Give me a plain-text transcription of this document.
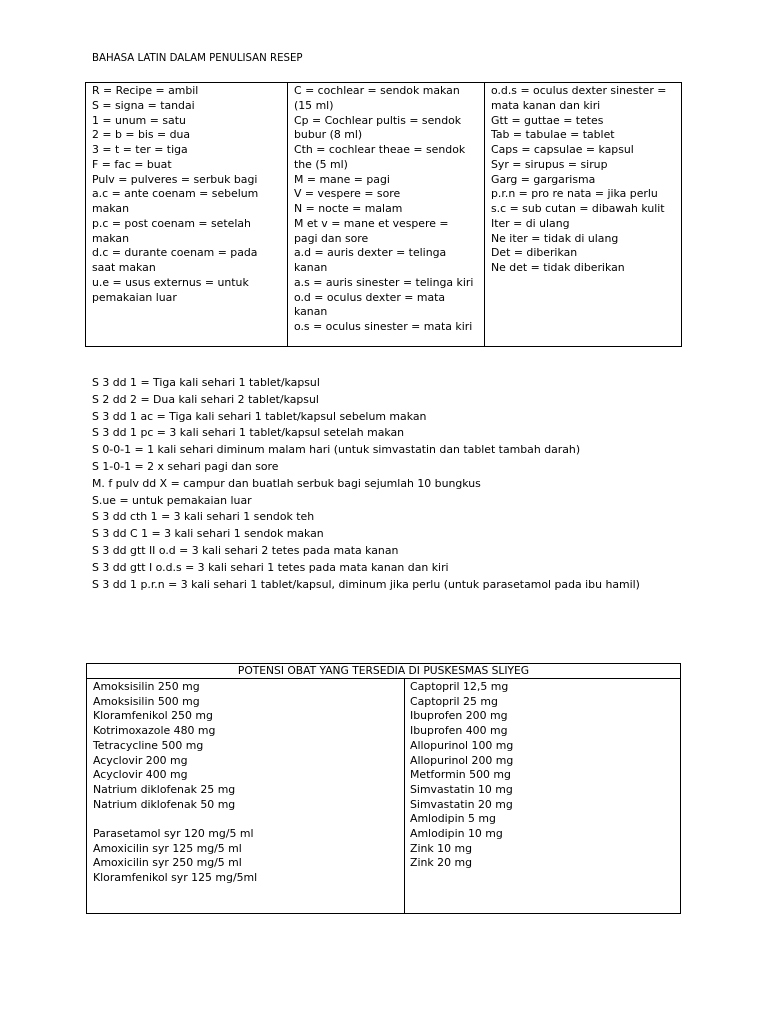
BAHASA LATIN DALAM PENULISAN RESEP
R = Recipe = ambil
S = signa = tandai
1 = unum = satu
2 = b = bis = dua
3 = t = ter = tiga
F = fac = buat
Pulv = pulveres = serbuk bagi
a.c = ante coenam = sebelum
makan
p.c = post coenam = setelah
makan
d.c = durante coenam = pada
saat makan
u.e = usus externus = untuk
pemakaian luar
C = cochlear = sendok makan
(15 ml)
Cp = Cochlear pultis = sendok
bubur (8 ml)
Cth = cochlear theae = sendok
the (5 ml)
M = mane = pagi
V = vespere = sore
N = nocte = malam
M et v = mane et vespere =
pagi dan sore
a.d = auris dexter = telinga
kanan
a.s = auris sinester = telinga kiri
o.d = oculus dexter = mata
kanan
o.s = oculus sinester = mata kiri
o.d.s = oculus dexter sinester =
mata kanan dan kiri
Gtt = guttae = tetes
Tab = tabulae = tablet
Caps = capsulae = kapsul
Syr = sirupus = sirup
Garg = gargarisma
p.r.n = pro re nata = jika perlu
s.c = sub cutan = dibawah kulit
Iter = di ulang
Ne iter = tidak di ulang
Det = diberikan
Ne det = tidak diberikan
S 3 dd 1 = Tiga kali sehari 1 tablet/kapsul
S 2 dd 2 = Dua kali sehari 2 tablet/kapsul
S 3 dd 1 ac = Tiga kali sehari 1 tablet/kapsul sebelum makan
S 3 dd 1 pc = 3 kali sehari 1 tablet/kapsul setelah makan
S 0-0-1 = 1 kali sehari diminum malam hari (untuk simvastatin dan tablet tambah darah)
S 1-0-1 = 2 x sehari pagi dan sore
M. f pulv dd X = campur dan buatlah serbuk bagi sejumlah 10 bungkus
S.ue = untuk pemakaian luar
S 3 dd cth 1 = 3 kali sehari 1 sendok teh
S 3 dd C 1 = 3 kali sehari 1 sendok makan
S 3 dd gtt II o.d = 3 kali sehari 2 tetes pada mata kanan
S 3 dd gtt I o.d.s = 3 kali sehari 1 tetes pada mata kanan dan kiri
S 3 dd 1 p.r.n = 3 kali sehari 1 tablet/kapsul, diminum jika perlu (untuk parasetamol pada ibu hamil)
POTENSI OBAT YANG TERSEDIA DI PUSKESMAS SLIYEG
Amoksisilin 250 mg
Amoksisilin 500 mg
Kloramfenikol 250 mg
Kotrimoxazole 480 mg
Tetracycline 500 mg
Acyclovir 200 mg
Acyclovir 400 mg
Natrium diklofenak 25 mg
Natrium diklofenak 50 mg
Parasetamol syr 120 mg/5 ml
Amoxicilin syr 125 mg/5 ml
Amoxicilin syr 250 mg/5 ml
Kloramfenikol syr 125 mg/5ml
Captopril 12,5 mg
Captopril 25 mg
Ibuprofen 200 mg
Ibuprofen 400 mg
Allopurinol 100 mg
Allopurinol 200 mg
Metformin 500 mg
Simvastatin 10 mg
Simvastatin 20 mg
Amlodipin 5 mg
Amlodipin 10 mg
Zink 10 mg
Zink 20 mg
